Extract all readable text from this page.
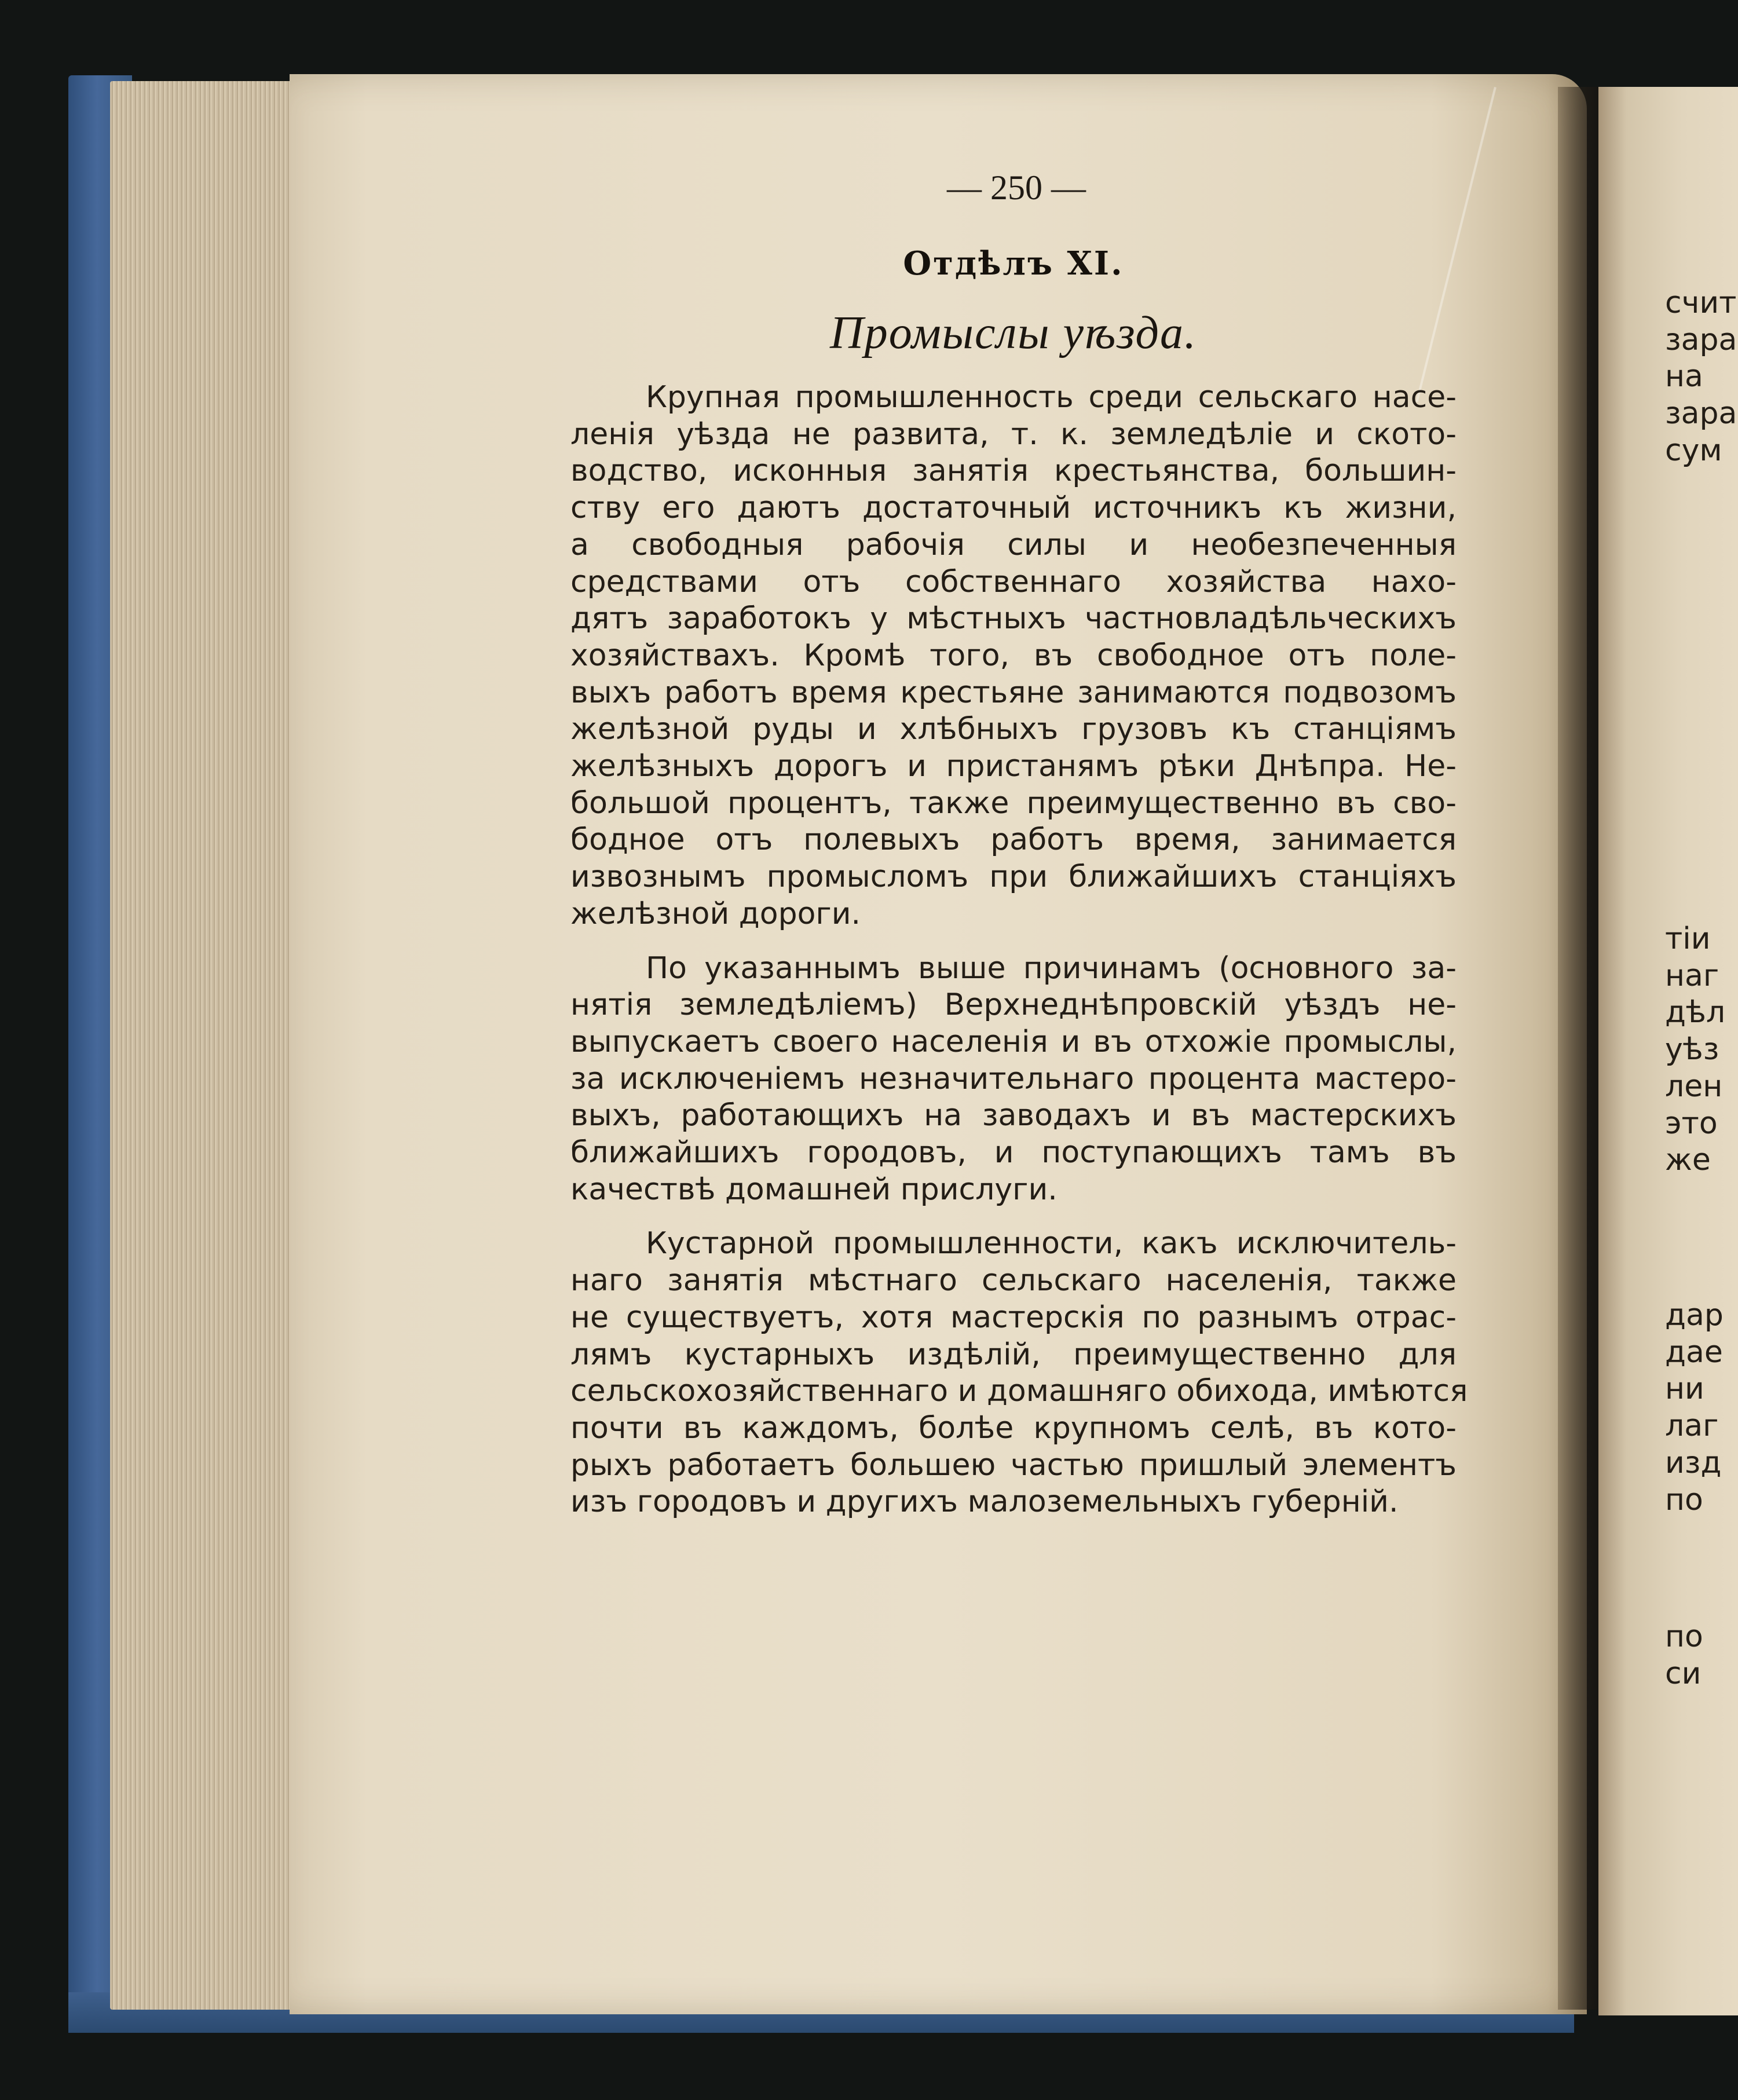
— 250 —
Отдѣлъ XI.
Промыслы уѣзда.
Крупная промышленность среди сельскаго насе-
ленія уѣзда не развита, т. к. земледѣліе и ското-
водство, исконныя занятія крестьянства, большин-
ству его даютъ достаточный источникъ къ жизни,
а свободныя рабочія силы и необезпеченныя
средствами отъ собственнаго хозяйства нахо-
дятъ заработокъ у мѣстныхъ частновладѣльческихъ
хозяйствахъ. Кромѣ того, въ свободное отъ поле-
выхъ работъ время крестьяне занимаются подвозомъ
желѣзной руды и хлѣбныхъ грузовъ къ станціямъ
желѣзныхъ дорогъ и пристанямъ рѣки Днѣпра. Не-
большой процентъ, также преимущественно въ сво-
бодное отъ полевыхъ работъ время, занимается
извознымъ промысломъ при ближайшихъ станціяхъ
желѣзной дороги.
По указаннымъ выше причинамъ (основного за-
нятія земледѣліемъ) Верхнеднѣпровскій уѣздъ не-
выпускаетъ своего населенія и въ отхожіе промыслы,
за исключеніемъ незначительнаго процента мастеро-
выхъ, работающихъ на заводахъ и въ мастерскихъ
ближайшихъ городовъ, и поступающихъ тамъ въ
качествѣ домашней прислуги.
Кустарной промышленности, какъ исключитель-
наго занятія мѣстнаго сельскаго населенія, также
не существуетъ, хотя мастерскія по разнымъ отрас-
лямъ кустарныхъ издѣлій, преимущественно для
сельскохозяйственнаго и домашняго обихода, имѣются
почти въ каждомъ, болѣе крупномъ селѣ, въ кото-
рыхъ работаетъ большею частью пришлый элементъ
изъ городовъ и другихъ малоземельныхъ губерній.
счит
зара
на
зара
сум
тіи
наг
дѣл
уѣз
лен
это
же
дар
дае
ни
лаг
изд
по
по
си
